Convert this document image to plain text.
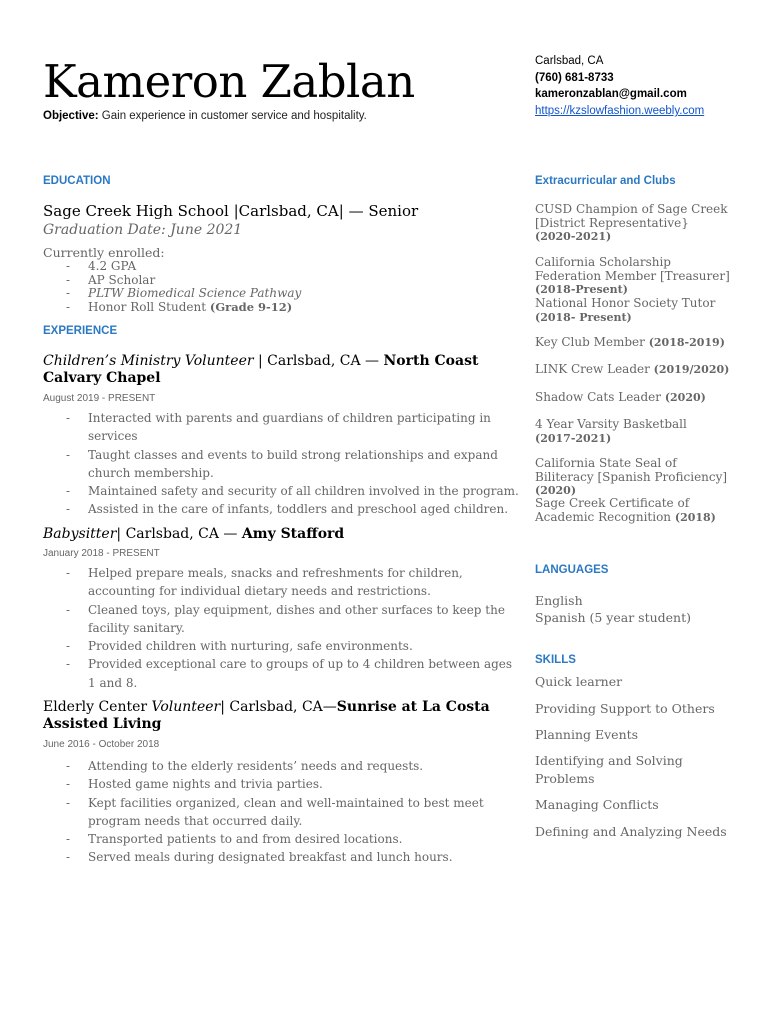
Kameron Zablan
Objective: Gain experience in customer service and hospitality.
Carlsbad, CA
(760) 681-8733
kameronzablan@gmail.com
https://kzslowfashion.weebly.com
EDUCATION
Sage Creek High School |Carlsbad, CA| — Senior
Graduation Date: June 2021
Currently enrolled:
- 4.2 GPA
- AP Scholar
- PLTW Biomedical Science Pathway
- Honor Roll Student (Grade 9-12)
EXPERIENCE
Children’s Ministry Volunteer | Carlsbad, CA — North Coast Calvary Chapel
August 2019 - PRESENT
- Interacted with parents and guardians of children participating in services
- Taught classes and events to build strong relationships and expand church membership.
- Maintained safety and security of all children involved in the program.
- Assisted in the care of infants, toddlers and preschool aged children.
Babysitter| Carlsbad, CA — Amy Stafford
January 2018 - PRESENT
- Helped prepare meals, snacks and refreshments for children, accounting for individual dietary needs and restrictions.
- Cleaned toys, play equipment, dishes and other surfaces to keep the facility sanitary.
- Provided children with nurturing, safe environments.
- Provided exceptional care to groups of up to 4 children between ages 1 and 8.
Elderly Center Volunteer| Carlsbad, CA—Sunrise at La Costa Assisted Living
June 2016 - October 2018
- Attending to the elderly residents’ needs and requests.
- Hosted game nights and trivia parties.
- Kept facilities organized, clean and well-maintained to best meet program needs that occurred daily.
- Transported patients to and from desired locations.
- Served meals during designated breakfast and lunch hours.
Extracurricular and Clubs
CUSD Champion of Sage Creek [District Representative}
(2020-2021)
California Scholarship Federation Member [Treasurer] (2018-Present)
National Honor Society Tutor
(2018- Present)
Key Club Member (2018-2019)
LINK Crew Leader (2019/2020)
Shadow Cats Leader (2020)
4 Year Varsity Basketball
(2017-2021)
California State Seal of Biliteracy [Spanish Proficiency] (2020)
Sage Creek Certificate of Academic Recognition (2018)
LANGUAGES
English
Spanish (5 year student)
SKILLS
Quick learner
Providing Support to Others
Planning Events
Identifying and Solving Problems
Managing Conflicts
Defining and Analyzing Needs
